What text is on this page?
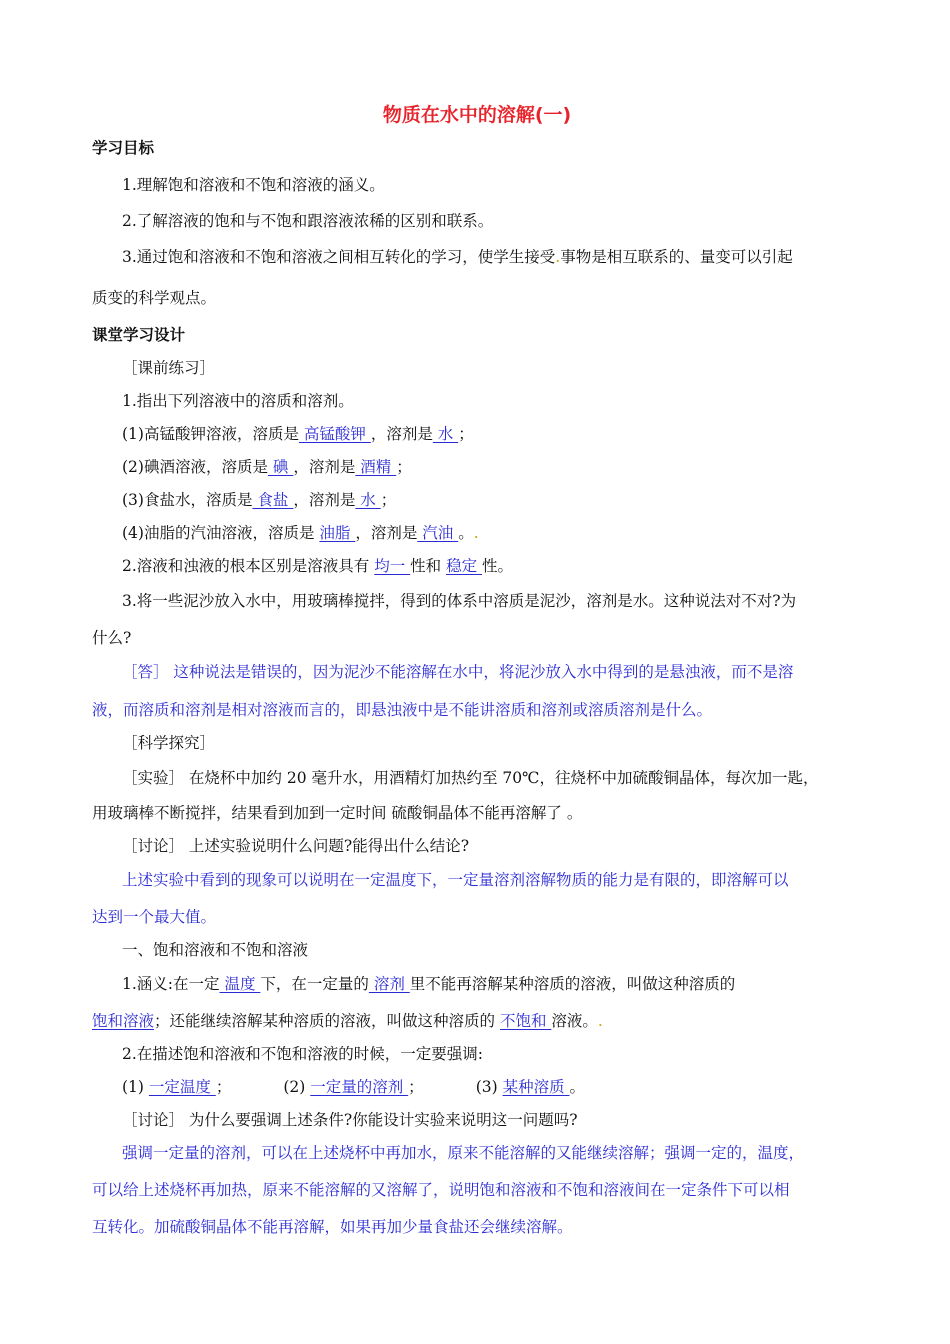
物质在水中的溶解(一)
学习目标
1.理解饱和溶液和不饱和溶液的涵义。
2.了解溶液的饱和与不饱和跟溶液浓稀的区别和联系。
3.通过饱和溶液和不饱和溶液之间相互转化的学习，使学生接受.事物是相互联系的、量变可以引起
质变的科学观点。
课堂学习设计
［课前练习］
1.指出下列溶液中的溶质和溶剂。
(1)高锰酸钾溶液，溶质是 高锰酸钾 ，溶剂是 水 ；
(2)碘酒溶液，溶质是 碘 ，溶剂是 酒精 ；
(3)食盐水，溶质是 食盐 ，溶剂是 水 ；
(4)油脂的汽油溶液，溶质是 油脂 ，溶剂是 汽油 。.
2.溶液和浊液的根本区别是溶液具有 均一 性和 稳定 性。
3.将一些泥沙放入水中，用玻璃棒搅拌，得到的体系中溶质是泥沙，溶剂是水。这种说法对不对?为
什么?
［答］ 这种说法是错误的，因为泥沙不能溶解在水中，将泥沙放入水中得到的是悬浊液，而不是溶
液，而溶质和溶剂是相对溶液而言的，即悬浊液中是不能讲溶质和溶剂或溶质溶剂是什么。
［科学探究］
［实验］ 在烧杯中加约 20 毫升水，用酒精灯加热约至 70℃，往烧杯中加硫酸铜晶体，每次加一匙，
用玻璃棒不断搅拌，结果看到加到一定时间 硫酸铜晶体不能再溶解了 。
［讨论］ 上述实验说明什么问题?能得出什么结论?
上述实验中看到的现象可以说明在一定温度下，一定量溶剂溶解物质的能力是有限的，即溶解可以
达到一个最大值。
一、饱和溶液和不饱和溶液
1.涵义:在一定 温度 下，在一定量的 溶剂 里不能再溶解某种溶质的溶液，叫做这种溶质的
饱和溶液；还能继续溶解某种溶质的溶液，叫做这种溶质的 不饱和 溶液。.
2.在描述饱和溶液和不饱和溶液的时候，一定要强调:
(1) 一定温度 ；	(2) 一定量的溶剂 ；	(3) 某种溶质 。
［讨论］ 为什么要强调上述条件?你能设计实验来说明这一问题吗?
强调一定量的溶剂，可以在上述烧杯中再加水，原来不能溶解的又能继续溶解；强调一定的，温度，
可以给上述烧杯再加热，原来不能溶解的又溶解了，说明饱和溶液和不饱和溶液间在一定条件下可以相
互转化。加硫酸铜晶体不能再溶解，如果再加少量食盐还会继续溶解。
